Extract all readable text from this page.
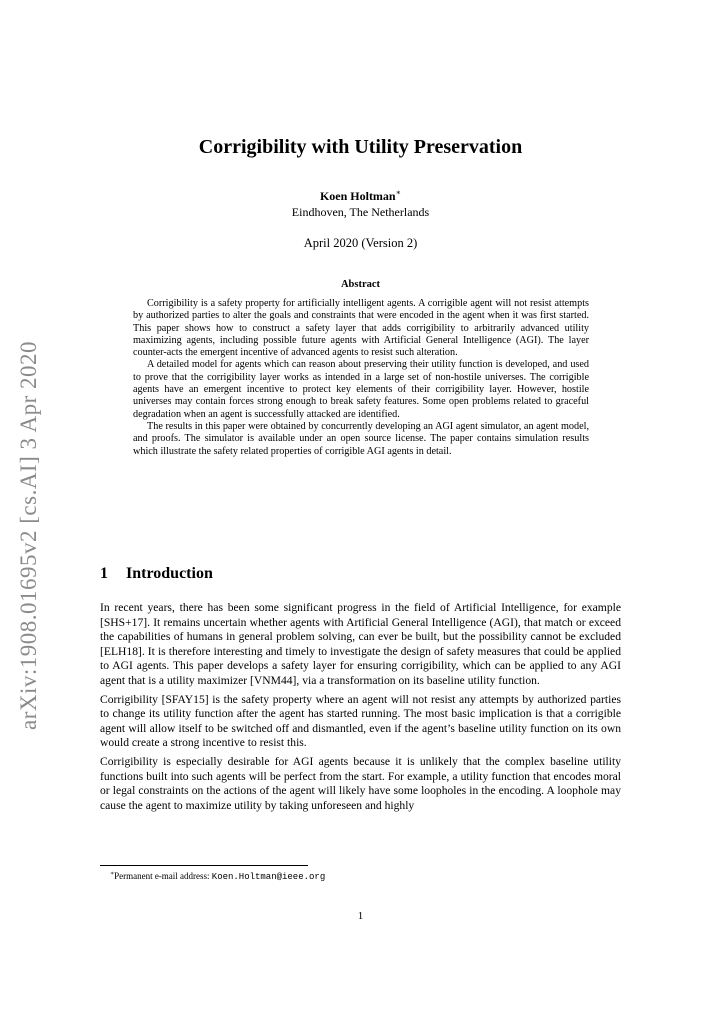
arXiv:1908.01695v2 [cs.AI] 3 Apr 2020
Corrigibility with Utility Preservation
Koen Holtman∗
Eindhoven, The Netherlands
April 2020 (Version 2)
Abstract

Corrigibility is a safety property for artificially intelligent agents. A corrigible agent will not resist attempts by authorized parties to alter the goals and constraints that were encoded in the agent when it was first started. This paper shows how to construct a safety layer that adds corrigibility to arbitrarily advanced utility maximizing agents, including possible future agents with Artificial General Intelligence (AGI). The layer counter-acts the emergent incentive of advanced agents to resist such alteration.

A detailed model for agents which can reason about preserving their utility function is developed, and used to prove that the corrigibility layer works as intended in a large set of non-hostile universes. The corrigible agents have an emergent incentive to protect key elements of their corrigibility layer. However, hostile universes may contain forces strong enough to break safety features. Some open problems related to graceful degradation when an agent is successfully attacked are identified.

The results in this paper were obtained by concurrently developing an AGI agent simulator, an agent model, and proofs. The simulator is available under an open source license. The paper contains simulation results which illustrate the safety related properties of corrigible AGI agents in detail.

1 Introduction

In recent years, there has been some significant progress in the field of Artificial Intelligence, for example [SHS+17]. It remains uncertain whether agents with Artificial General Intelligence (AGI), that match or exceed the capabilities of humans in general problem solving, can ever be built, but the possibility cannot be excluded [ELH18]. It is therefore interesting and timely to investigate the design of safety measures that could be applied to AGI agents. This paper develops a safety layer for ensuring corrigibility, which can be applied to any AGI agent that is a utility maximizer [VNM44], via a transformation on its baseline utility function.

Corrigibility [SFAY15] is the safety property where an agent will not resist any attempts by authorized parties to change its utility function after the agent has started running. The most basic implication is that a corrigible agent will allow itself to be switched off and dismantled, even if the agent’s baseline utility function on its own would create a strong incentive to resist this.

Corrigibility is especially desirable for AGI agents because it is unlikely that the complex baseline utility functions built into such agents will be perfect from the start. For example, a utility function that encodes moral or legal constraints on the actions of the agent will likely have some loopholes in the encoding. A loophole may cause the agent to maximize utility by taking unforeseen and highly

∗Permanent e-mail address: Koen.Holtman@ieee.org
1
